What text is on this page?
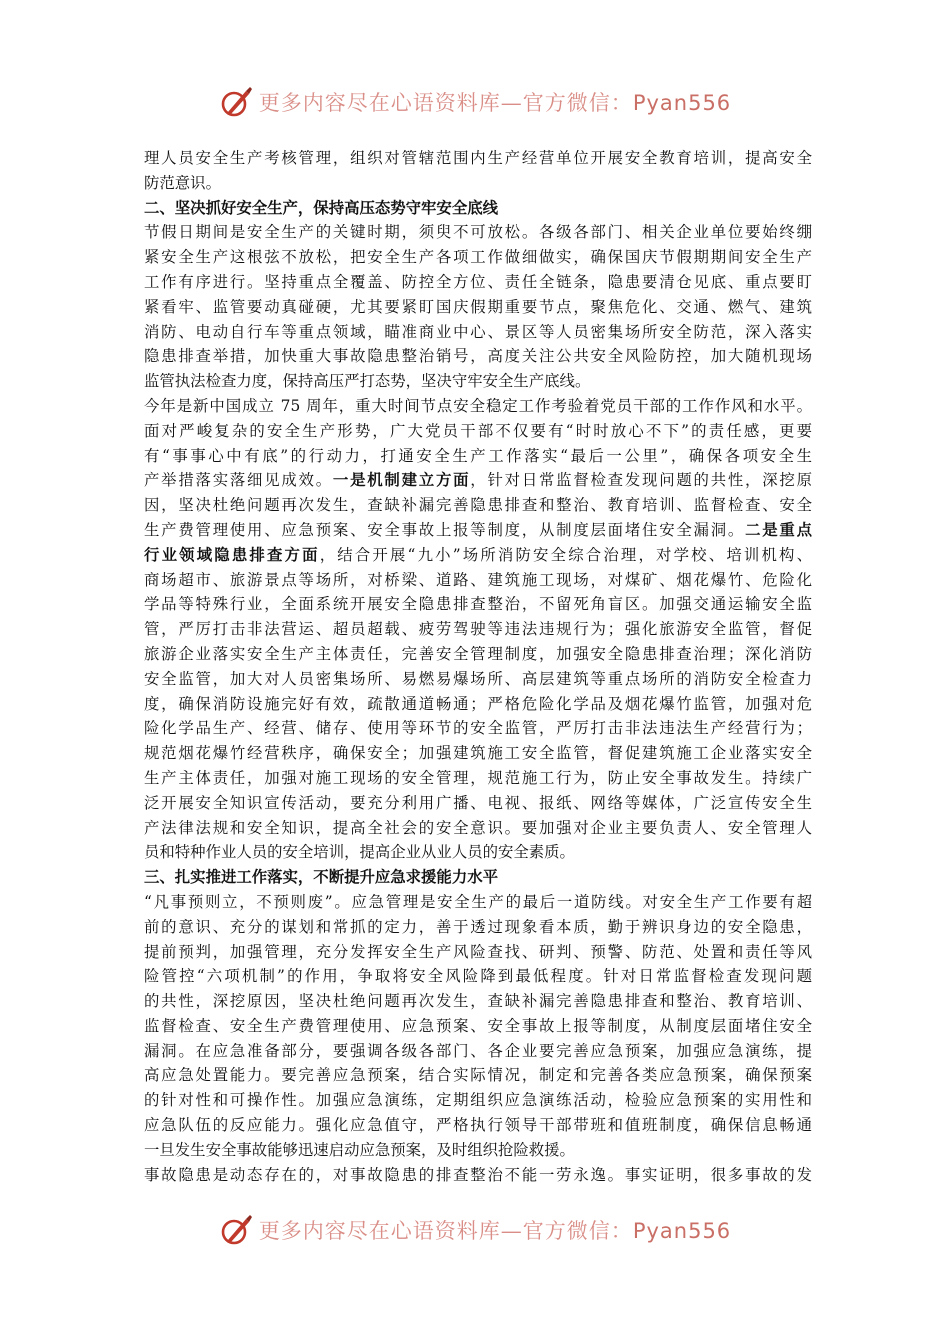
更多内容尽在心语资料库—官方微信：Pyan556
理人员安全生产考核管理，组织对管辖范围内生产经营单位开展安全教育培训，提高安全
防范意识。
二、坚决抓好安全生产，保持高压态势守牢安全底线
节假日期间是安全生产的关键时期，须臾不可放松。各级各部门、相关企业单位要始终绷
紧安全生产这根弦不放松，把安全生产各项工作做细做实，确保国庆节假期期间安全生产
工作有序进行。坚持重点全覆盖、防控全方位、责任全链条，隐患要清仓见底、重点要盯
紧看牢、监管要动真碰硬，尤其要紧盯国庆假期重要节点，聚焦危化、交通、燃气、建筑
消防、电动自行车等重点领域，瞄准商业中心、景区等人员密集场所安全防范，深入落实
隐患排查举措，加快重大事故隐患整治销号，高度关注公共安全风险防控，加大随机现场
监管执法检查力度，保持高压严打态势，坚决守牢安全生产底线。
今年是新中国成立 75 周年，重大时间节点安全稳定工作考验着党员干部的工作作风和水平。
面对严峻复杂的安全生产形势，广大党员干部不仅要有“时时放心不下”的责任感，更要
有“事事心中有底”的行动力，打通安全生产工作落实“最后一公里”，确保各项安全生
产举措落实落细见成效。一是机制建立方面，针对日常监督检查发现问题的共性，深挖原
因，坚决杜绝问题再次发生，查缺补漏完善隐患排查和整治、教育培训、监督检查、安全
生产费管理使用、应急预案、安全事故上报等制度，从制度层面堵住安全漏洞。二是重点
行业领域隐患排查方面，结合开展“九小”场所消防安全综合治理，对学校、培训机构、
商场超市、旅游景点等场所，对桥梁、道路、建筑施工现场，对煤矿、烟花爆竹、危险化
学品等特殊行业，全面系统开展安全隐患排查整治，不留死角盲区。加强交通运输安全监
管，严厉打击非法营运、超员超载、疲劳驾驶等违法违规行为；强化旅游安全监管，督促
旅游企业落实安全生产主体责任，完善安全管理制度，加强安全隐患排查治理；深化消防
安全监管，加大对人员密集场所、易燃易爆场所、高层建筑等重点场所的消防安全检查力
度，确保消防设施完好有效，疏散通道畅通；严格危险化学品及烟花爆竹监管，加强对危
险化学品生产、经营、储存、使用等环节的安全监管，严厉打击非法违法生产经营行为；
规范烟花爆竹经营秩序，确保安全；加强建筑施工安全监管，督促建筑施工企业落实安全
生产主体责任，加强对施工现场的安全管理，规范施工行为，防止安全事故发生。持续广
泛开展安全知识宣传活动，要充分利用广播、电视、报纸、网络等媒体，广泛宣传安全生
产法律法规和安全知识，提高全社会的安全意识。要加强对企业主要负责人、安全管理人
员和特种作业人员的安全培训，提高企业从业人员的安全素质。
三、扎实推进工作落实，不断提升应急求援能力水平
“凡事预则立，不预则废”。应急管理是安全生产的最后一道防线。对安全生产工作要有超
前的意识、充分的谋划和常抓的定力，善于透过现象看本质，勤于辨识身边的安全隐患，
提前预判，加强管理，充分发挥安全生产风险查找、研判、预警、防范、处置和责任等风
险管控“六项机制”的作用，争取将安全风险降到最低程度。针对日常监督检查发现问题
的共性，深挖原因，坚决杜绝问题再次发生，查缺补漏完善隐患排查和整治、教育培训、
监督检查、安全生产费管理使用、应急预案、安全事故上报等制度，从制度层面堵住安全
漏洞。在应急准备部分，要强调各级各部门、各企业要完善应急预案，加强应急演练，提
高应急处置能力。要完善应急预案，结合实际情况，制定和完善各类应急预案，确保预案
的针对性和可操作性。加强应急演练，定期组织应急演练活动，检验应急预案的实用性和
应急队伍的反应能力。强化应急值守，严格执行领导干部带班和值班制度，确保信息畅通
一旦发生安全事故能够迅速启动应急预案，及时组织抢险救援。
事故隐患是动态存在的，对事故隐患的排查整治不能一劳永逸。事实证明，很多事故的发
更多内容尽在心语资料库—官方微信：Pyan556
